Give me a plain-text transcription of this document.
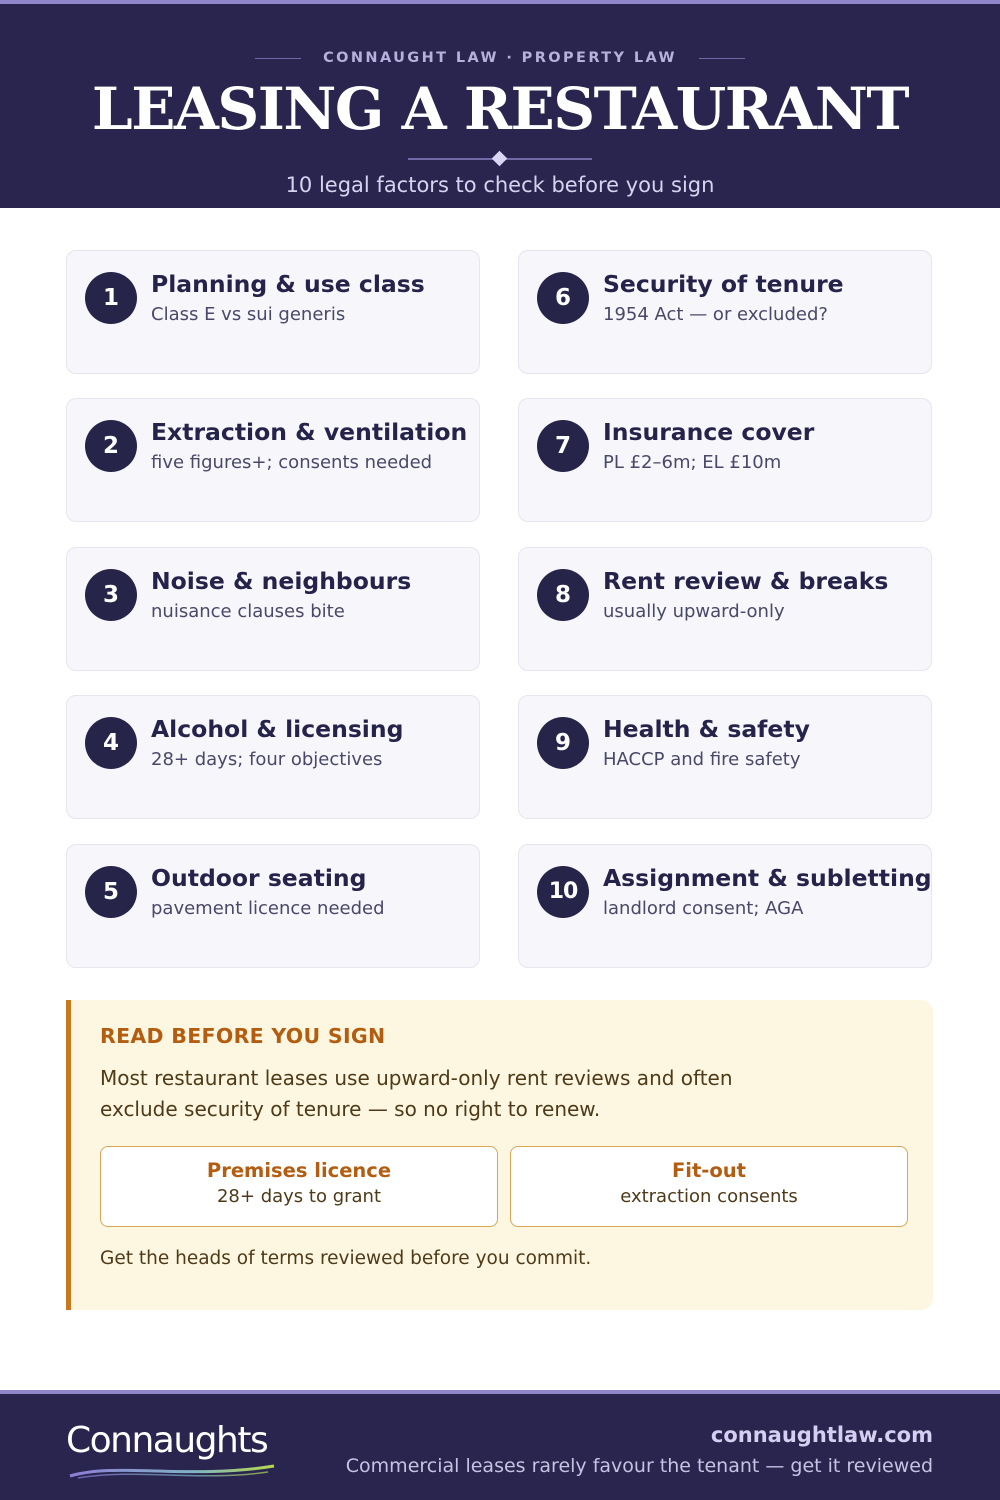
CONNAUGHT LAW · PROPERTY LAW
LEASING A RESTAURANT
10 legal factors to check before you sign
1	Planning & use class
Class E vs sui generis
2	Extraction & ventilation
five figures+; consents needed
3	Noise & neighbours
nuisance clauses bite
4	Alcohol & licensing
28+ days; four objectives
5	Outdoor seating
pavement licence needed
6	Security of tenure
1954 Act — or excluded?
7	Insurance cover
PL £2–6m; EL £10m
8	Rent review & breaks
usually upward-only
9	Health & safety
HACCP and fire safety
10	Assignment & subletting
landlord consent; AGA
READ BEFORE YOU SIGN
Most restaurant leases use upward-only rent reviews and often exclude security of tenure — so no right to renew.
Premises licence
28+ days to grant
Fit-out
extraction consents
Get the heads of terms reviewed before you commit.
Connaughts	connaughtlaw.com
Commercial leases rarely favour the tenant — get it reviewed
